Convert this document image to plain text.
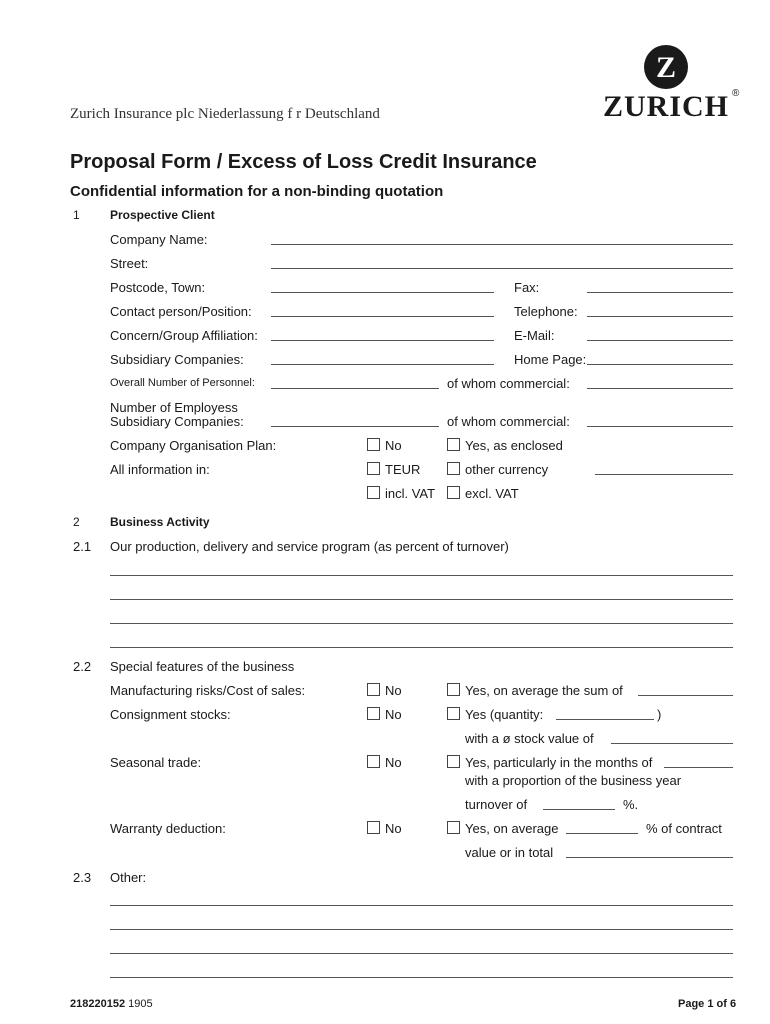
Zurich Insurance plc Niederlassung f r Deutschland
Z
ZURICH ®
Proposal Form / Excess of Loss Credit Insurance
Confidential information for a non-binding quotation
1	Prospective Client
Company Name:
Street:
Postcode, Town:	Fax:
Contact person/Position:	Telephone:
Concern/Group Affiliation:	E-Mail:
Subsidiary Companies:	Home Page:
Overall Number of Personnel:	of whom commercial:
Number of Employess
Subsidiary Companies:	of whom commercial:
Company Organisation Plan:	No	Yes, as enclosed
All information in:	TEUR	other currency
incl. VAT excl. VAT
2	Business Activity
2.1 Our production, delivery and service program (as percent of turnover)
2.2 Special features of the business
Manufacturing risks/Cost of sales:	No	Yes, on average the sum of
Consignment stocks:	No	Yes (quantity:	)
with a ø stock value of
Seasonal trade:	No	Yes, particularly in the months of
with a proportion of the business year
turnover of	%.
Warranty deduction:	No	Yes, on average	% of contract
value or in total
2.3 Other:
218220152 1905	Page 1 of 6
